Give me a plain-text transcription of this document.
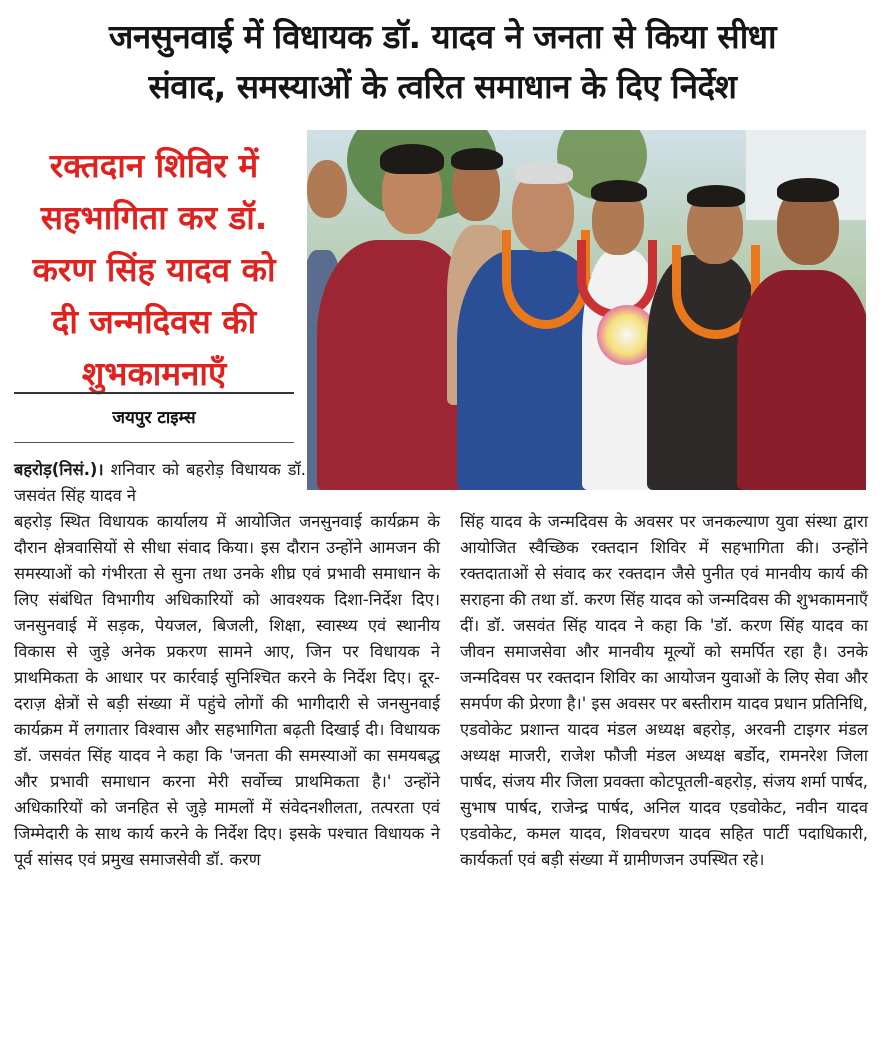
जनसुनवाई में विधायक डॉ. यादव ने जनता से किया सीधा
संवाद, समस्याओं के त्वरित समाधान के दिए निर्देश
रक्तदान शिविर में सहभागिता कर डॉ. करण सिंह यादव को दी जन्मदिवस की शुभकामनाएँ
जयपुर टाइम्स
बहरोड़(निसं.)। शनिवार को बहरोड़ विधायक डॉ. जसवंत सिंह यादव ने
बहरोड़ स्थित विधायक कार्यालय में आयोजित जनसुनवाई कार्यक्रम के दौरान क्षेत्रवासियों से सीधा संवाद किया। इस दौरान उन्होंने आमजन की समस्याओं को गंभीरता से सुना तथा उनके शीघ्र एवं प्रभावी समाधान के लिए संबंधित विभागीय अधिकारियों को आवश्यक दिशा-निर्देश दिए। जनसुनवाई में सड़क, पेयजल, बिजली, शिक्षा, स्वास्थ्य एवं स्थानीय विकास से जुड़े अनेक प्रकरण सामने आए, जिन पर विधायक ने प्राथमिकता के आधार पर कार्रवाई सुनिश्चित करने के निर्देश दिए। दूर-दराज़ क्षेत्रों से बड़ी संख्या में पहुंचे लोगों की भागीदारी से जनसुनवाई कार्यक्रम में लगातार विश्वास और सहभागिता बढ़ती दिखाई दी। विधायक डॉ. जसवंत सिंह यादव ने कहा कि 'जनता की समस्याओं का समयबद्ध और प्रभावी समाधान करना मेरी सर्वोच्च प्राथमिकता है।' उन्होंने अधिकारियों को जनहित से जुड़े मामलों में संवेदनशीलता, तत्परता एवं जिम्मेदारी के साथ कार्य करने के निर्देश दिए। इसके पश्चात विधायक ने पूर्व सांसद एवं प्रमुख समाजसेवी डॉ. करण
सिंह यादव के जन्मदिवस के अवसर पर जनकल्याण युवा संस्था द्वारा आयोजित स्वैच्छिक रक्तदान शिविर में सहभागिता की। उन्होंने रक्तदाताओं से संवाद कर रक्तदान जैसे पुनीत एवं मानवीय कार्य की सराहना की तथा डॉ. करण सिंह यादव को जन्मदिवस की शुभकामनाएँ दीं। डॉ. जसवंत सिंह यादव ने कहा कि 'डॉ. करण सिंह यादव का जीवन समाजसेवा और मानवीय मूल्यों को समर्पित रहा है। उनके जन्मदिवस पर रक्तदान शिविर का आयोजन युवाओं के लिए सेवा और समर्पण की प्रेरणा है।' इस अवसर पर बस्तीराम यादव प्रधान प्रतिनिधि, एडवोकेट प्रशान्त यादव मंडल अध्यक्ष बहरोड़, अरवनी टाइगर मंडल अध्यक्ष माजरी, राजेश फौजी मंडल अध्यक्ष बर्डोद, रामनरेश जिला पार्षद, संजय मीर जिला प्रवक्ता कोटपूतली-बहरोड़, संजय शर्मा पार्षद, सुभाष पार्षद, राजेन्द्र पार्षद, अनिल यादव एडवोकेट, नवीन यादव एडवोकेट, कमल यादव, शिवचरण यादव सहित पार्टी पदाधिकारी, कार्यकर्ता एवं बड़ी संख्या में ग्रामीणजन उपस्थित रहे।
